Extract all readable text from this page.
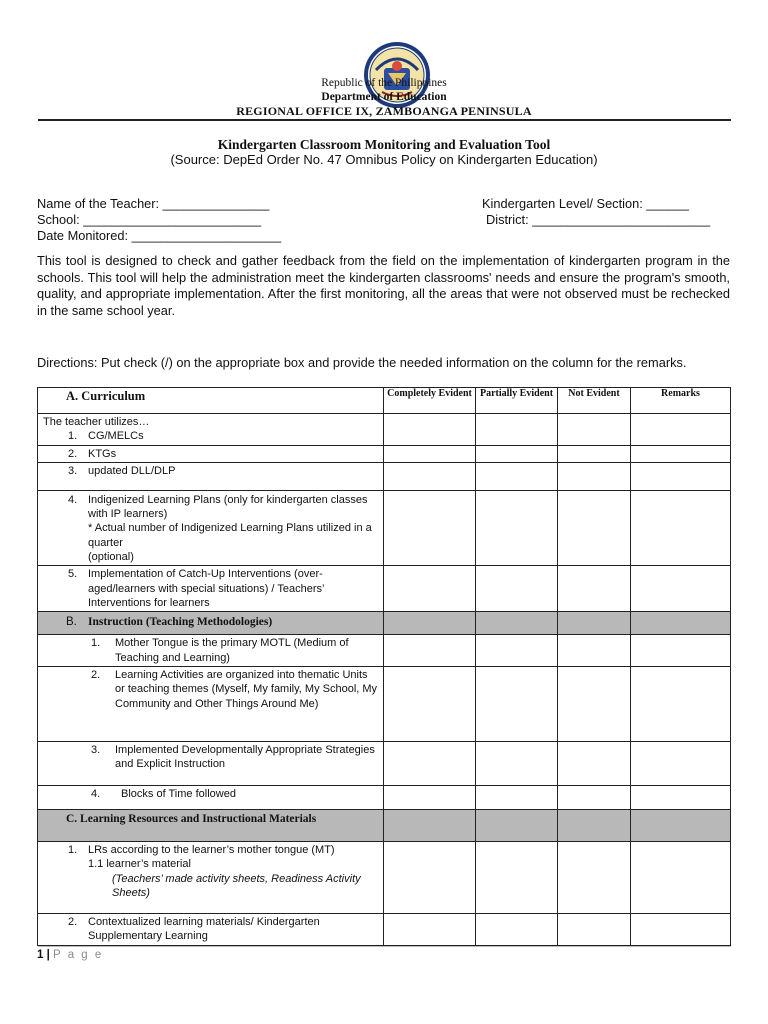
Republic of the Philippines
Department of Education
REGIONAL OFFICE IX, ZAMBOANGA PENINSULA
Kindergarten Classroom Monitoring and Evaluation Tool
(Source: DepEd Order No. 47 Omnibus Policy on Kindergarten Education)
Name of the Teacher: _______________	Kindergarten Level/ Section: ______
School: _________________________	District: _________________________
Date Monitored: _____________________

This tool is designed to check and gather feedback from the field on the implementation of kindergarten program in the schools. This tool will help the administration meet the kindergarten classrooms' needs and ensure the program's smooth, quality, and appropriate implementation. After the first monitoring, all the areas that were not observed must be rechecked in the same school year.

Directions: Put check (/) on the appropriate box and provide the needed information on the column for the remarks.

A. Curriculum	Completely Evident	Partially Evident	Not Evident	Remarks

The teacher utilizes…
1. CG/MELCs				

2. KTGs				

3. updated DLL/DLP				

4. Indigenized Learning Plans (only for kindergarten classes with IP learners)
* Actual number of Indigenized Learning Plans utilized in a quarter
(optional)				

5. Implementation of Catch-Up Interventions (over-aged/learners with special situations) / Teachers’ Interventions for learners				

B. Instruction (Teaching Methodologies)				

1. Mother Tongue is the primary MOTL (Medium of Teaching and Learning)				

2. Learning Activities are organized into thematic Units or teaching themes (Myself, My family, My School, My Community and Other Things Around Me)				

3. Implemented Developmentally Appropriate Strategies and Explicit Instruction				

4. Blocks of Time followed				

C. Learning Resources and Instructional Materials				

1. LRs according to the learner’s mother tongue (MT)
1.1 learner’s material
(Teachers’ made activity sheets, Readiness Activity Sheets)				

2. Contextualized learning materials/ Kindergarten Supplementary Learning				

1 | P a g e
